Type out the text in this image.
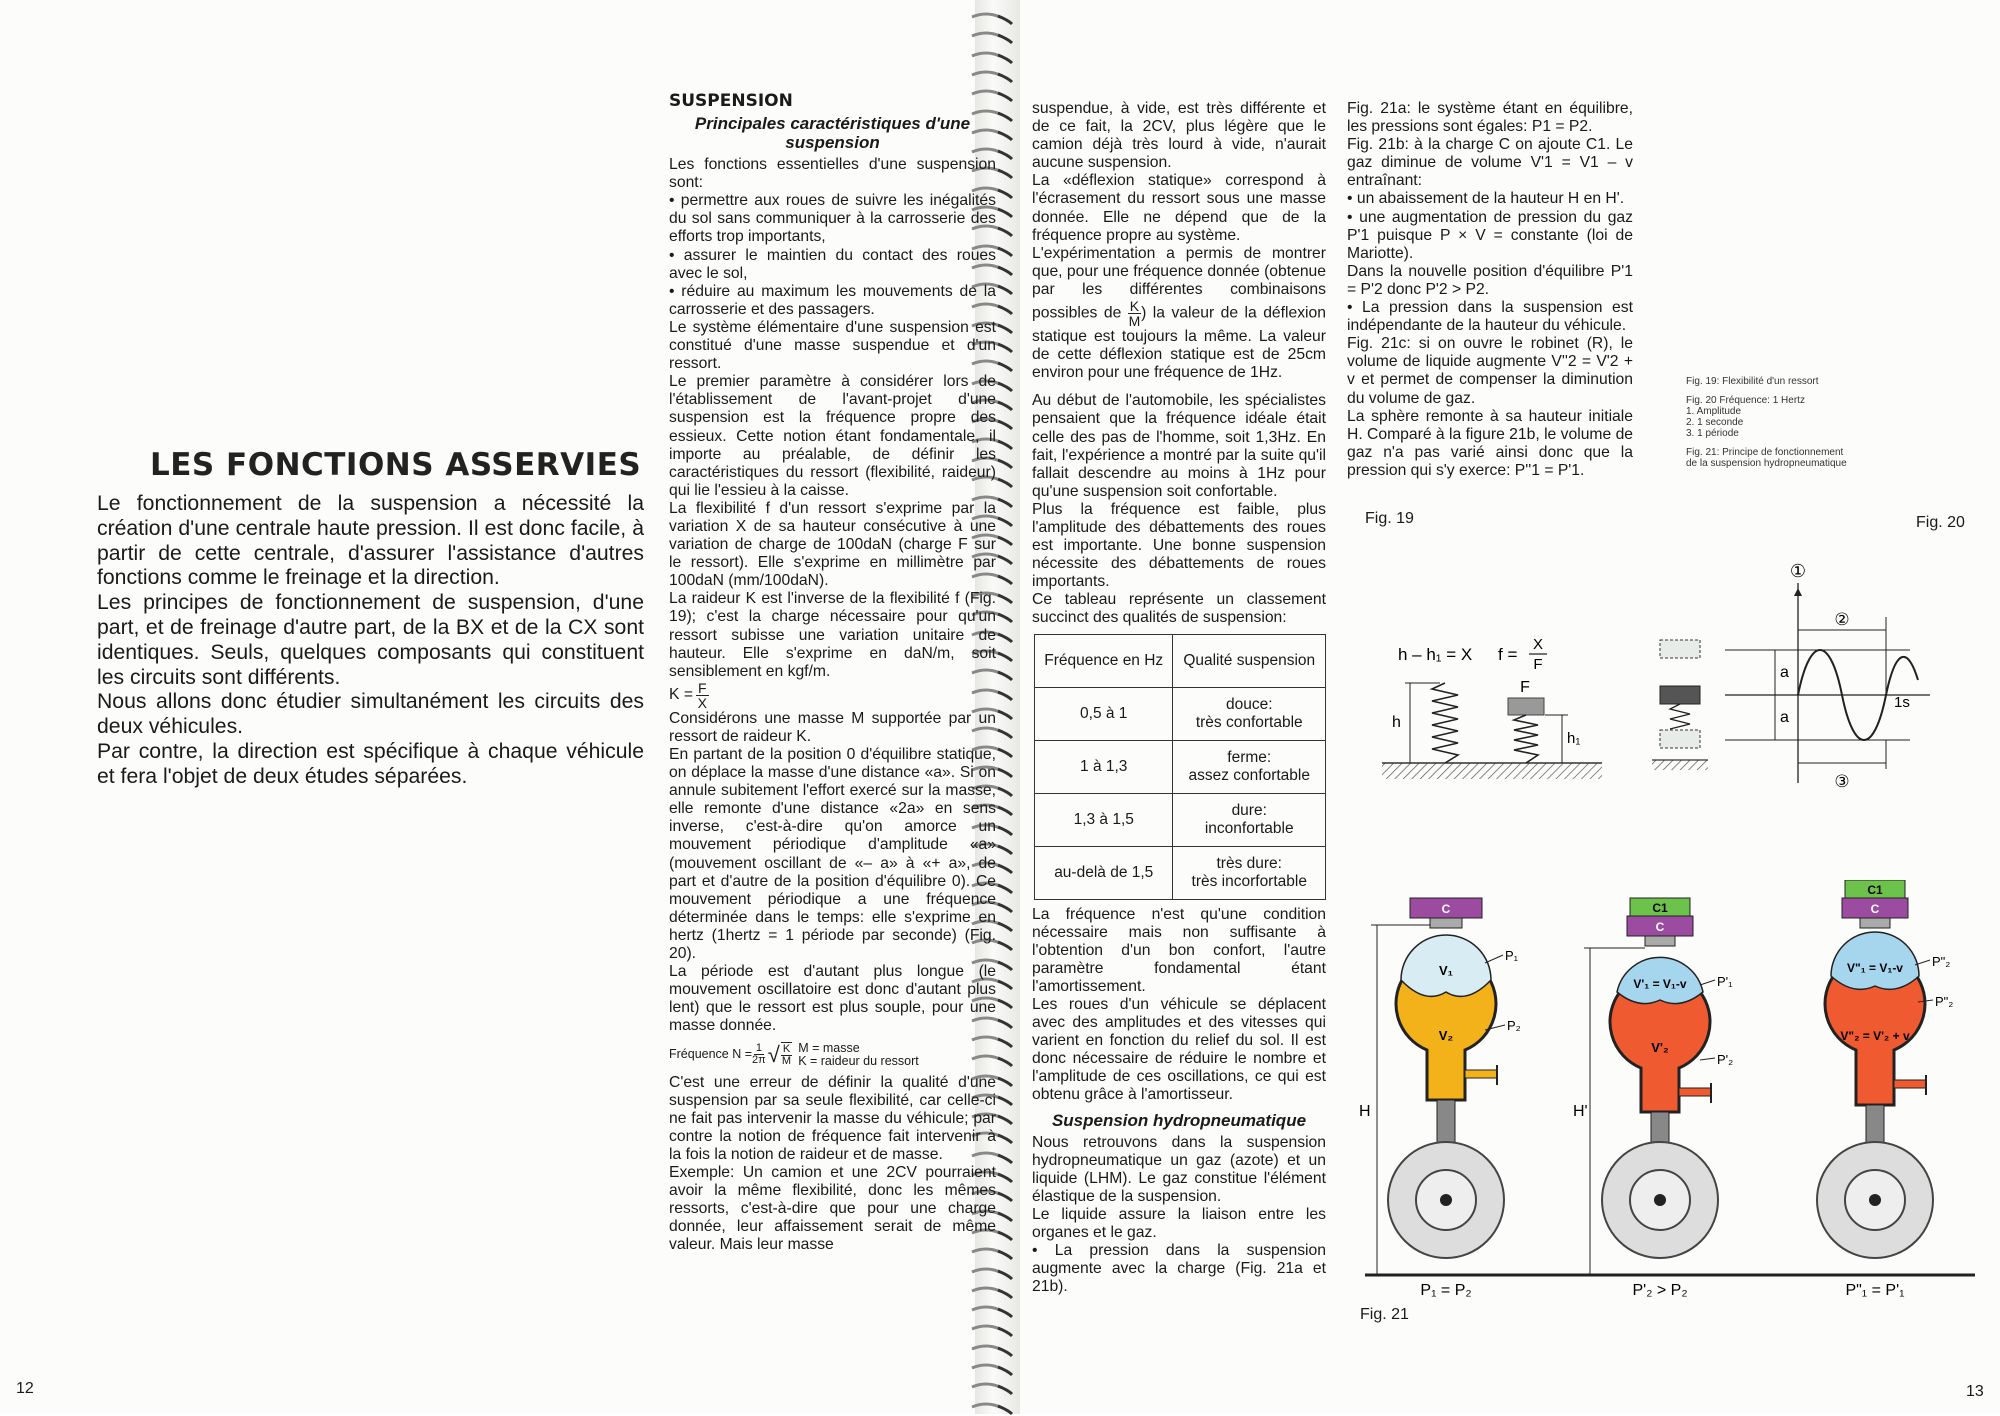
LES FONCTIONS ASSERVIES

Le fonctionnement de la suspension a nécessité la création d'une centrale haute pression. Il est donc facile, à partir de cette centrale, d'assurer l'assistance d'autres fonctions comme le freinage et la direction.

Les principes de fonctionnement de suspension, d'une part, et de freinage d'autre part, de la BX et de la CX sont identiques. Seuls, quelques composants qui constituent les circuits sont différents.

Nous allons donc étudier simultanément les circuits des deux véhicules.

Par contre, la direction est spécifique à chaque véhicule et fera l'objet de deux études séparées.

12
SUSPENSION
Principales caractéristiques d'une suspension

Les fonctions essentielles d'une suspension sont:

• permettre aux roues de suivre les inégalités du sol sans communiquer à la carrosserie des efforts trop importants,

• assurer le maintien du contact des roues avec le sol,

• réduire au maximum les mouvements de la carrosserie et des passagers.

Le système élémentaire d'une suspension est constitué d'une masse suspendue et d'un ressort.

Le premier paramètre à considérer lors de l'établissement de l'avant-projet d'une suspension est la fréquence propre des essieux. Cette notion étant fondamentale, il importe au préalable, de définir les caractéristiques du ressort (flexibilité, raideur) qui lie l'essieu à la caisse.

La flexibilité f d'un ressort s'exprime par la variation X de sa hauteur consécutive à une variation de charge de 100daN (charge F sur le ressort). Elle s'exprime en millimètre par 100daN (mm/100daN).

La raideur K est l'inverse de la flexibilité f (Fig. 19); c'est la charge nécessaire pour qu'un ressort subisse une variation unitaire de hauteur. Elle s'exprime en daN/m, soit sensiblement en kgf/m.

$K = \frac{F}{X}$

Considérons une masse M supportée par un ressort de raideur K.

En partant de la position 0 d'équilibre statique, on déplace la masse d'une distance «a». Si on annule subitement l'effort exercé sur la masse, elle remonte d'une distance «2a» en sens inverse, c'est-à-dire qu'on amorce un mouvement périodique d'amplitude «a» (mouvement oscillant de «– a» à «+ a», de part et d'autre de la position d'équilibre 0). Ce mouvement périodique a une fréquence déterminée dans le temps: elle s'exprime en hertz (1hertz = 1 période par seconde) (Fig. 20).

La période est d'autant plus longue (le mouvement oscillatoire est donc d'autant plus lent) que le ressort est plus souple, pour une masse donnée.

Fréquence $N = \frac{1}{2\pi}$ √ $\frac{K}{M}$ M = masse
K = raideur du ressort

C'est une erreur de définir la qualité d'une suspension par sa seule flexibilité, car celle-ci ne fait pas intervenir la masse du véhicule; par contre la notion de fréquence fait intervenir à la fois la notion de raideur et de masse.

Exemple: Un camion et une 2CV pourraient avoir la même flexibilité, donc les mêmes ressorts, c'est-à-dire que pour une charge donnée, leur affaissement serait de même valeur. Mais leur masse

suspendue, à vide, est très différente et de ce fait, la 2CV, plus légère que le camion déjà très lourd à vide, n'aurait aucune suspension.

La «déflexion statique» correspond à l'écrasement du ressort sous une masse donnée. Elle ne dépend que de la fréquence propre au système.

L'expérimentation a permis de montrer que, pour une fréquence donnée (obtenue par les différentes combinaisons possibles de $\frac{K}{M}$ ) la valeur de la déflexion statique est toujours la même. La valeur de cette déflexion statique est de 25cm environ pour une fréquence de 1Hz.

Au début de l'automobile, les spécialistes pensaient que la fréquence idéale était celle des pas de l'homme, soit 1,3Hz. En fait, l'expérience a montré par la suite qu'il fallait descendre au moins à 1Hz pour qu'une suspension soit confortable.

Plus la fréquence est faible, plus l'amplitude des débattements des roues est importante. Une bonne suspension nécessite des débattements de roues importants.

Ce tableau représente un classement succinct des qualités de suspension:

Fréquence en Hz	Qualité suspension
0,5 à 1	douce:
très confortable
1 à 1,3	ferme:
assez confortable
1,3 à 1,5	dure:
inconfortable
au-delà de 1,5	très dure:
très incorfortable

La fréquence n'est qu'une condition nécessaire mais non suffisante à l'obtention d'un bon confort, l'autre paramètre fondamental étant l'amortissement.

Les roues d'un véhicule se déplacent avec des amplitudes et des vitesses qui varient en fonction du relief du sol. Il est donc nécessaire de réduire le nombre et l'amplitude de ces oscillations, ce qui est obtenu grâce à l'amortisseur.

Suspension hydropneumatique

Nous retrouvons dans la suspension hydropneumatique un gaz (azote) et un liquide (LHM). Le gaz constitue l'élément élastique de la suspension.

Le liquide assure la liaison entre les organes et le gaz.

• La pression dans la suspension augmente avec la charge (Fig. 21a et 21b).

Fig. 21a: le système étant en équilibre, les pressions sont égales: P1 = P2.

Fig. 21b: à la charge C on ajoute C1. Le gaz diminue de volume V'1 = V1 – v entraînant:

• un abaissement de la hauteur H en H'.

• une augmentation de pression du gaz P'1 puisque P × V = constante (loi de Mariotte).

Dans la nouvelle position d'équilibre P'1 = P'2 donc P'2 > P2.

• La pression dans la suspension est indépendante de la hauteur du véhicule.

Fig. 21c: si on ouvre le robinet (R), le volume de liquide augmente V''2 = V'2 + v et permet de compenser la diminution du volume de gaz.

La sphère remonte à sa hauteur initiale H. Comparé à la figure 21b, le volume de gaz n'a pas varié ainsi donc que la pression qui s'y exerce: P''1 = P'1.

Fig. 19: Flexibilité d'un ressort
Fig. 20 Fréquence: 1 Hertz
1. Amplitude
2. 1 seconde
3. 1 période
Fig. 21: Principe de fonctionnement
de la suspension hydropneumatique
Fig. 19	Fig. 20
Fig. 21
13
h – h₁ = X f =
X
F
h
F
h₁
①
a
a
②
1s
③
H
C
V₁
V₂
P₁
P₂
P₁ = P₂
H'
C1
C
V'₁ = V₁-v
V'₂
P'₁
P'₂
P'₂ > P₂
C1
C
V"₁ = V₁-v
V"₂ = V'₂ + v
P"₂
P"₂
P"₁ = P'₁
